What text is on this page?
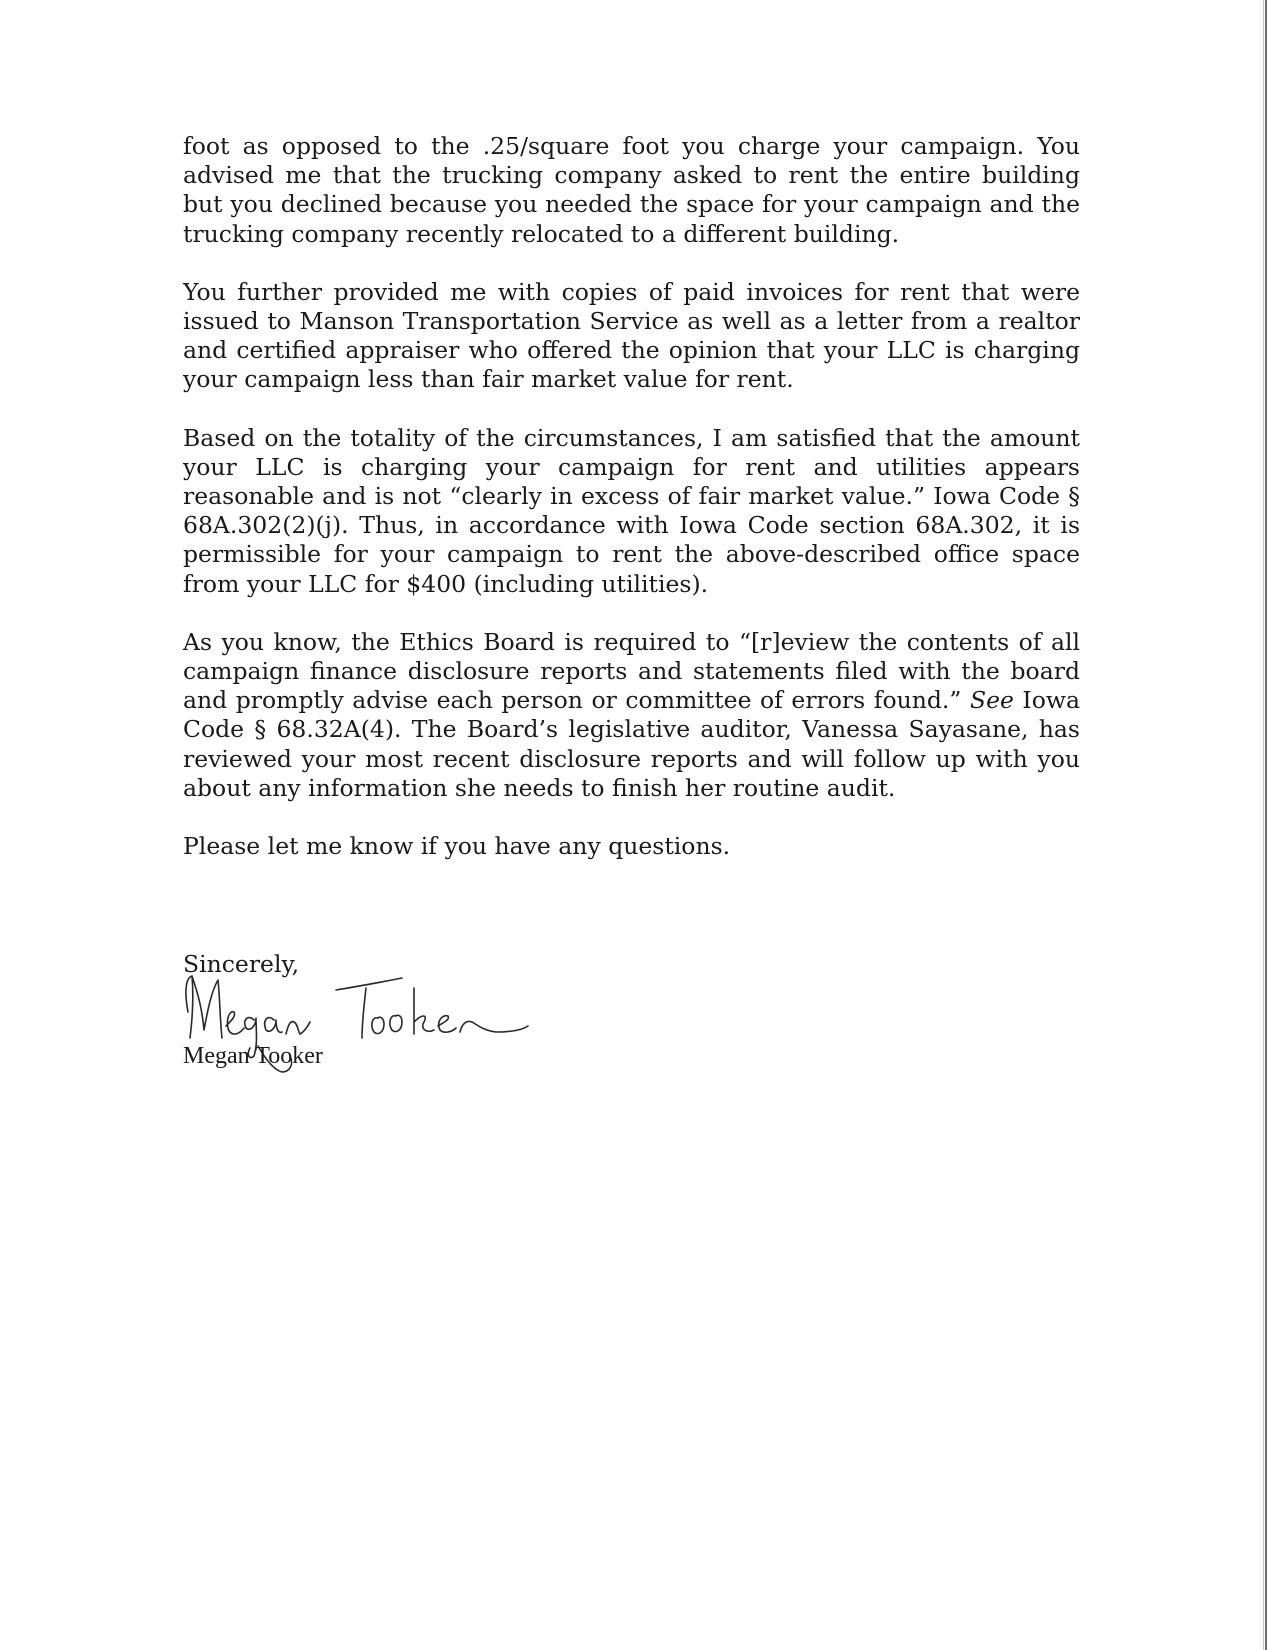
foot as opposed to the .25/square foot you charge your campaign. You advised me that the trucking company asked to rent the entire building but you declined because you needed the space for your campaign and the trucking company recently relocated to a different building.

You further provided me with copies of paid invoices for rent that were issued to Manson Transportation Service as well as a letter from a realtor and certified appraiser who offered the opinion that your LLC is charging your campaign less than fair market value for rent.

Based on the totality of the circumstances, I am satisfied that the amount your LLC is charging your campaign for rent and utilities appears reasonable and is not “clearly in excess of fair market value.” Iowa Code § 68A.302(2)(j). Thus, in accordance with Iowa Code section 68A.302, it is permissible for your campaign to rent the above-described office space from your LLC for $400 (including utilities).

As you know, the Ethics Board is required to “[r]eview the contents of all campaign finance disclosure reports and statements filed with the board and promptly advise each person or committee of errors found.” See Iowa Code § 68.32A(4). The Board’s legislative auditor, Vanessa Sayasane, has reviewed your most recent disclosure reports and will follow up with you about any information she needs to finish her routine audit.

Please let me know if you have any questions.

Sincerely,
Megan Tooker
